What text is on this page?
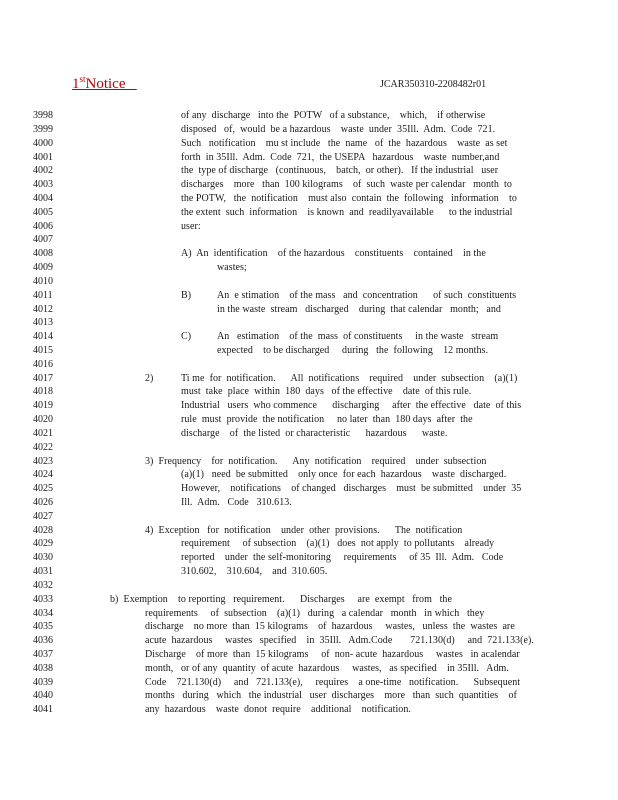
1stNotice	JCAR350310-2208482r01
3998	of any  discharge   into the  POTW   of a substance,    which,    if otherwise
3999	disposed   of,  would  be a hazardous    waste  under  35Ill.  Adm.  Code  721.
4000	Such   notification    mu st include   the  name   of  the  hazardous    waste  as set
4001	forth  in 35Ill.  Adm.  Code  721,  the USEPA   hazardous    waste  number,and
4002	the  type of discharge   (continuous,    batch,  or other).   If the industrial   user
4003	discharges    more   than  100 kilograms    of  such  waste per calendar   month  to
4004	the POTW,   the  notification    must also  contain  the  following   information    to
4005	the extent  such  information    is known  and  readilyavailable      to the industrial
4006	user:
4007
4008	A)  An  identification    of the hazardous    constituents    contained    in the
4009	wastes;
4010
4011	B)	An  e stimation    of the mass   and  concentration      of such  constituents
4012	in the waste  stream   discharged    during  that calendar   month;   and
4013
4014	C)	An   estimation    of the  mass  of constituents     in the waste   stream
4015	expected    to be discharged     during   the  following    12 months.
4016
4017	2)	Ti me  for  notification.      All  notifications    required    under  subsection    (a)(1)
4018	must  take  place  within  180  days   of the effective    date  of this rule.
4019	Industrial   users  who commence      discharging     after  the effective   date  of this
4020	rule  must  provide  the notification     no later  than  180 days  after  the
4021	discharge    of  the listed  or characteristic      hazardous      waste.
4022
4023	3)  Frequency    for  notification.      Any  notification    required    under  subsection
4024	(a)(1)   need  be submitted    only once  for each  hazardous    waste  discharged.
4025	However,    notifications    of changed   discharges    must  be submitted    under  35
4026	Ill.  Adm.   Code   310.613.
4027
4028	4)  Exception   for  notification    under  other  provisions.      The  notification
4029	requirement     of subsection    (a)(1)   does  not apply  to pollutants    already
4030	reported    under  the self-monitoring     requirements     of 35  Ill.  Adm.   Code
4031	310.602,    310.604,    and  310.605.
4032
4033	b)  Exemption    to reporting   requirement.      Discharges     are  exempt   from   the
4034	requirements     of  subsection    (a)(1)   during   a calendar   month   in which   they
4035	discharge    no more  than  15 kilograms    of  hazardous     wastes,   unless  the  wastes  are
4036	acute  hazardous     wastes   specified    in  35Ill.   Adm.Code       721.130(d)     and  721.133(e).
4037	Discharge    of more  than  15 kilograms     of  non- acute  hazardous     wastes   in acalendar
4038	month,   or of any  quantity  of acute  hazardous     wastes,   as specified    in 35Ill.   Adm.
4039	Code    721.130(d)     and   721.133(e),     requires    a one-time   notification.      Subsequent
4040	months   during   which   the industrial   user  discharges    more   than  such  quantities    of
4041	any  hazardous    waste  donot  require    additional    notification.
